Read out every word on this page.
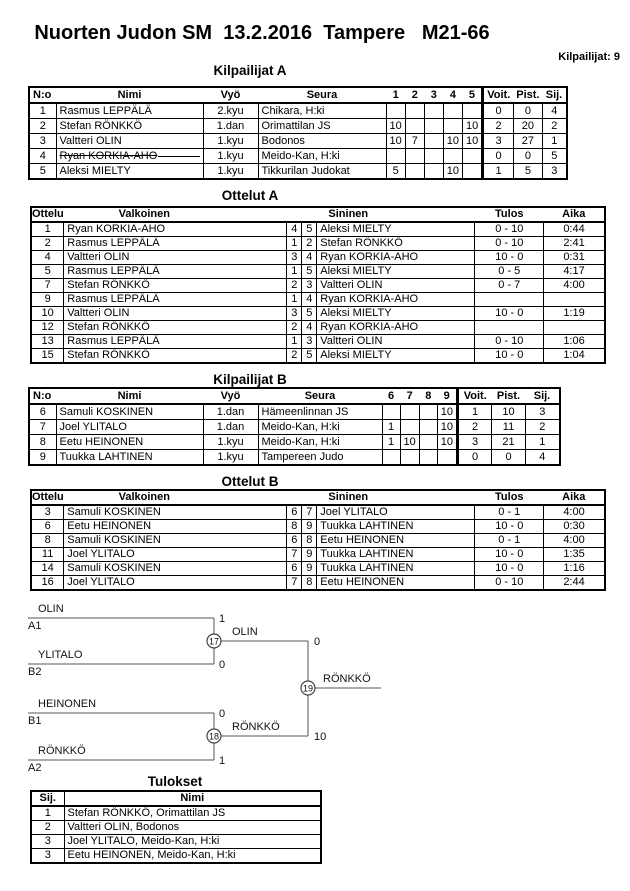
Nuorten Judon SM  13.2.2016  Tampere   M21-66
Kilpailijat: 9
Kilpailijat A
N:o	Nimi	Vyö	Seura	1	2	3	4	5	Voit.	Pist.	Sij.
1	Rasmus LEPPÄLÄ	2.kyu	Chikara, H:ki						0	0	4
2	Stefan RÖNKKÖ	1.dan	Orimattilan JS	10				10	2	20	2
3	Valtteri OLIN	1.kyu	Bodonos	10	7		10	10	3	27	1
4	Ryan KORKIA-AHO	1.kyu	Meido-Kan, H:ki						0	0	5
5	Aleksi MIELTY	1.kyu	Tikkurilan Judokat	5			10		1	5	3
Ottelut A
Ottelu	Valkoinen			Sininen	Tulos	Aika
1	Ryan KORKIA-AHO	4	5	Aleksi MIELTY	0 - 10	0:44
2	Rasmus LEPPÄLÄ	1	2	Stefan RÖNKKÖ	0 - 10	2:41
4	Valtteri OLIN	3	4	Ryan KORKIA-AHO	10 - 0	0:31
5	Rasmus LEPPÄLÄ	1	5	Aleksi MIELTY	0 - 5	4:17
7	Stefan RÖNKKÖ	2	3	Valtteri OLIN	0 - 7	4:00
9	Rasmus LEPPÄLÄ	1	4	Ryan KORKIA-AHO		
10	Valtteri OLIN	3	5	Aleksi MIELTY	10 - 0	1:19
12	Stefan RÖNKKÖ	2	4	Ryan KORKIA-AHO		
13	Rasmus LEPPÄLÄ	1	3	Valtteri OLIN	0 - 10	1:06
15	Stefan RÖNKKÖ	2	5	Aleksi MIELTY	10 - 0	1:04
Kilpailijat B
N:o	Nimi	Vyö	Seura	6	7	8	9	Voit.	Pist.	Sij.
6	Samuli KOSKINEN	1.dan	Hämeenlinnan JS				10	1	10	3
7	Joel YLITALO	1.dan	Meido-Kan, H:ki	1			10	2	11	2
8	Eetu HEINONEN	1.kyu	Meido-Kan, H:ki	1	10		10	3	21	1
9	Tuukka LAHTINEN	1.kyu	Tampereen Judo					0	0	4
Ottelut B
Ottelu	Valkoinen			Sininen	Tulos	Aika
3	Samuli KOSKINEN	6	7	Joel YLITALO	0 - 1	4:00
6	Eetu HEINONEN	8	9	Tuukka LAHTINEN	10 - 0	0:30
8	Samuli KOSKINEN	6	8	Eetu HEINONEN	0 - 1	4:00
11	Joel YLITALO	7	9	Tuukka LAHTINEN	10 - 0	1:35
14	Samuli KOSKINEN	6	9	Tuukka LAHTINEN	10 - 0	1:16
16	Joel YLITALO	7	8	Eetu HEINONEN	0 - 10	2:44
OLIN
A1
1
YLITALO
B2
0
OLIN
0
HEINONEN
B1
0
RÖNKKÖ
A2
1
RÖNKKÖ
10
RÖNKKÖ
17
18
19
Tulokset
Sij.	Nimi
1	Stefan RÖNKKÖ, Orimattilan JS
2	Valtteri OLIN, Bodonos
3	Joel YLITALO, Meido-Kan, H:ki
3	Eetu HEINONEN, Meido-Kan, H:ki
